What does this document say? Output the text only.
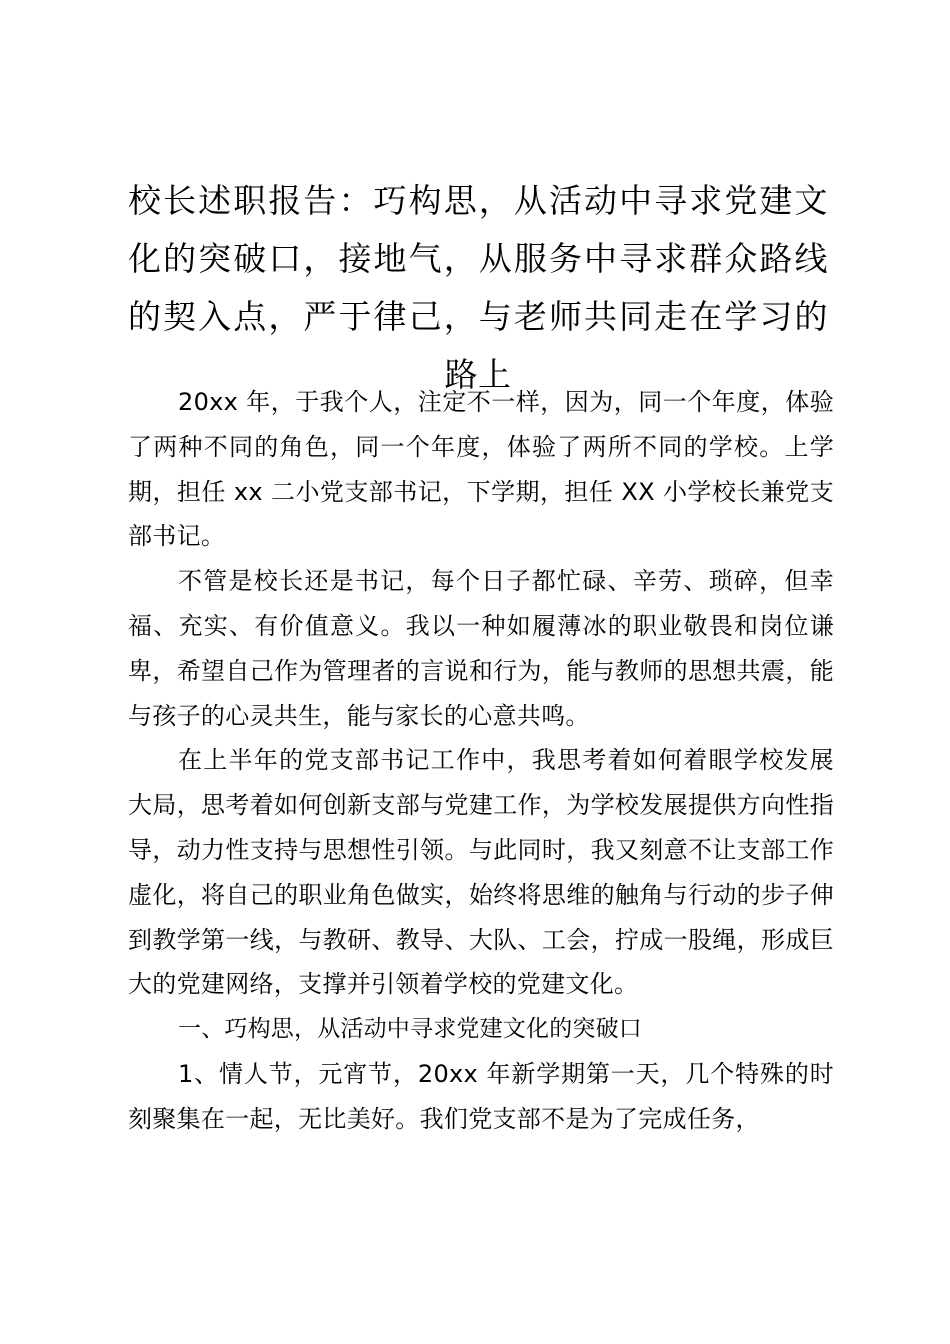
校长述职报告：巧构思，从活动中寻求党建文化的突破口，接地气，从服务中寻求群众路线的契入点，严于律己，与老师共同走在学习的路上

20xx 年，于我个人，注定不一样，因为，同一个年度，体验了两种不同的角色，同一个年度，体验了两所不同的学校。上学期，担任 xx 二小党支部书记，下学期，担任 XX 小学校长兼党支部书记。

不管是校长还是书记，每个日子都忙碌、辛劳、琐碎，但幸福、充实、有价值意义。我以一种如履薄冰的职业敬畏和岗位谦卑，希望自己作为管理者的言说和行为，能与教师的思想共震，能与孩子的心灵共生，能与家长的心意共鸣。

在上半年的党支部书记工作中，我思考着如何着眼学校发展大局，思考着如何创新支部与党建工作，为学校发展提供方向性指导，动力性支持与思想性引领。与此同时，我又刻意不让支部工作虚化，将自己的职业角色做实，始终将思维的触角与行动的步子伸到教学第一线，与教研、教导、大队、工会，拧成一股绳，形成巨大的党建网络，支撑并引领着学校的党建文化。

一、巧构思，从活动中寻求党建文化的突破口

1、情人节，元宵节，20xx 年新学期第一天，几个特殊的时刻聚集在一起，无比美好。我们党支部不是为了完成任务，
